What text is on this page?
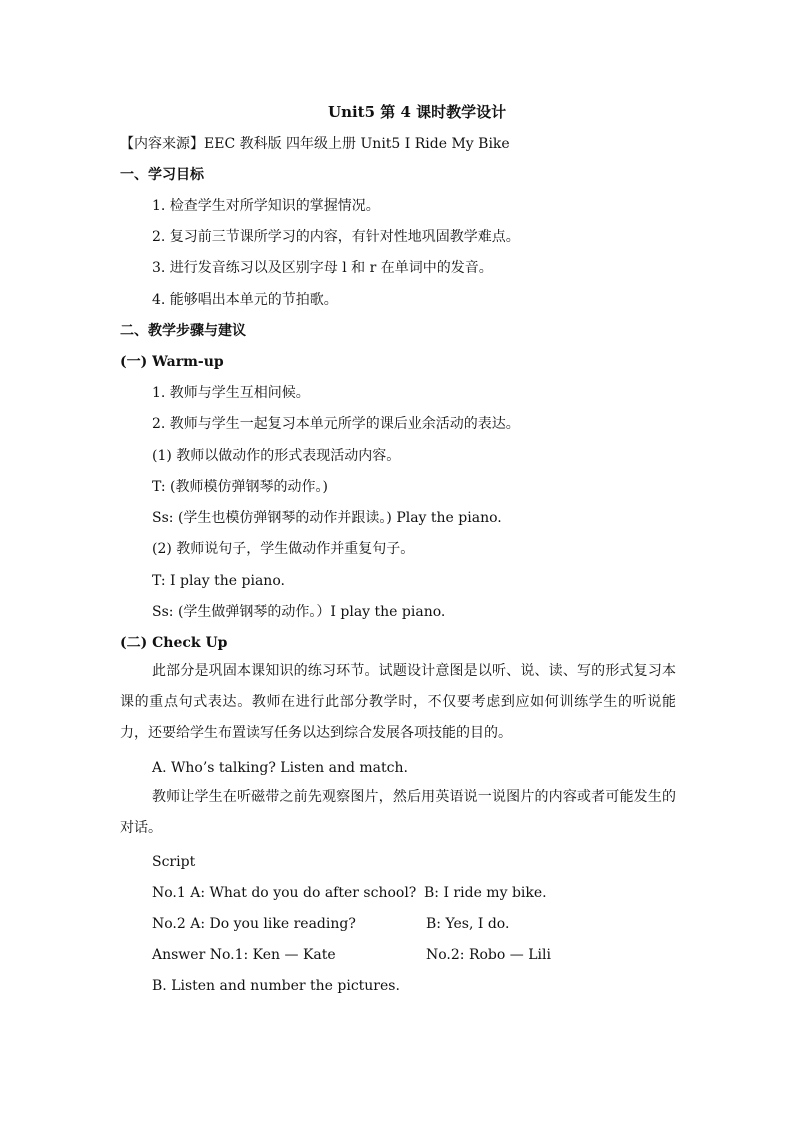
Unit5 第 4 课时教学设计
【内容来源】EEC 教科版 四年级上册 Unit5 I Ride My Bike
一、学习目标
1. 检查学生对所学知识的掌握情况。
2. 复习前三节课所学习的内容，有针对性地巩固教学难点。
3. 进行发音练习以及区别字母 l 和 r 在单词中的发音。
4. 能够唱出本单元的节拍歌。
二、教学步骤与建议
(一) Warm-up
1. 教师与学生互相问候。
2. 教师与学生一起复习本单元所学的课后业余活动的表达。
(1) 教师以做动作的形式表现活动内容。
T: (教师模仿弹钢琴的动作。)
Ss: (学生也模仿弹钢琴的动作并跟读。) Play the piano.
(2) 教师说句子，学生做动作并重复句子。
T: I play the piano.
Ss: (学生做弹钢琴的动作。）I play the piano.
(二) Check Up
此部分是巩固本课知识的练习环节。试题设计意图是以听、说、读、写的形式复习本课的重点句式表达。教师在进行此部分教学时，不仅要考虑到应如何训练学生的听说能力，还要给学生布置读写任务以达到综合发展各项技能的目的。
A. Who’s talking? Listen and match.
教师让学生在听磁带之前先观察图片，然后用英语说一说图片的内容或者可能发生的对话。
Script
No.1 A: What do you do after school? B: I ride my bike.
No.2 A: Do you like reading?	B: Yes, I do.
Answer No.1: Ken — Kate	No.2: Robo — Lili
B. Listen and number the pictures.
